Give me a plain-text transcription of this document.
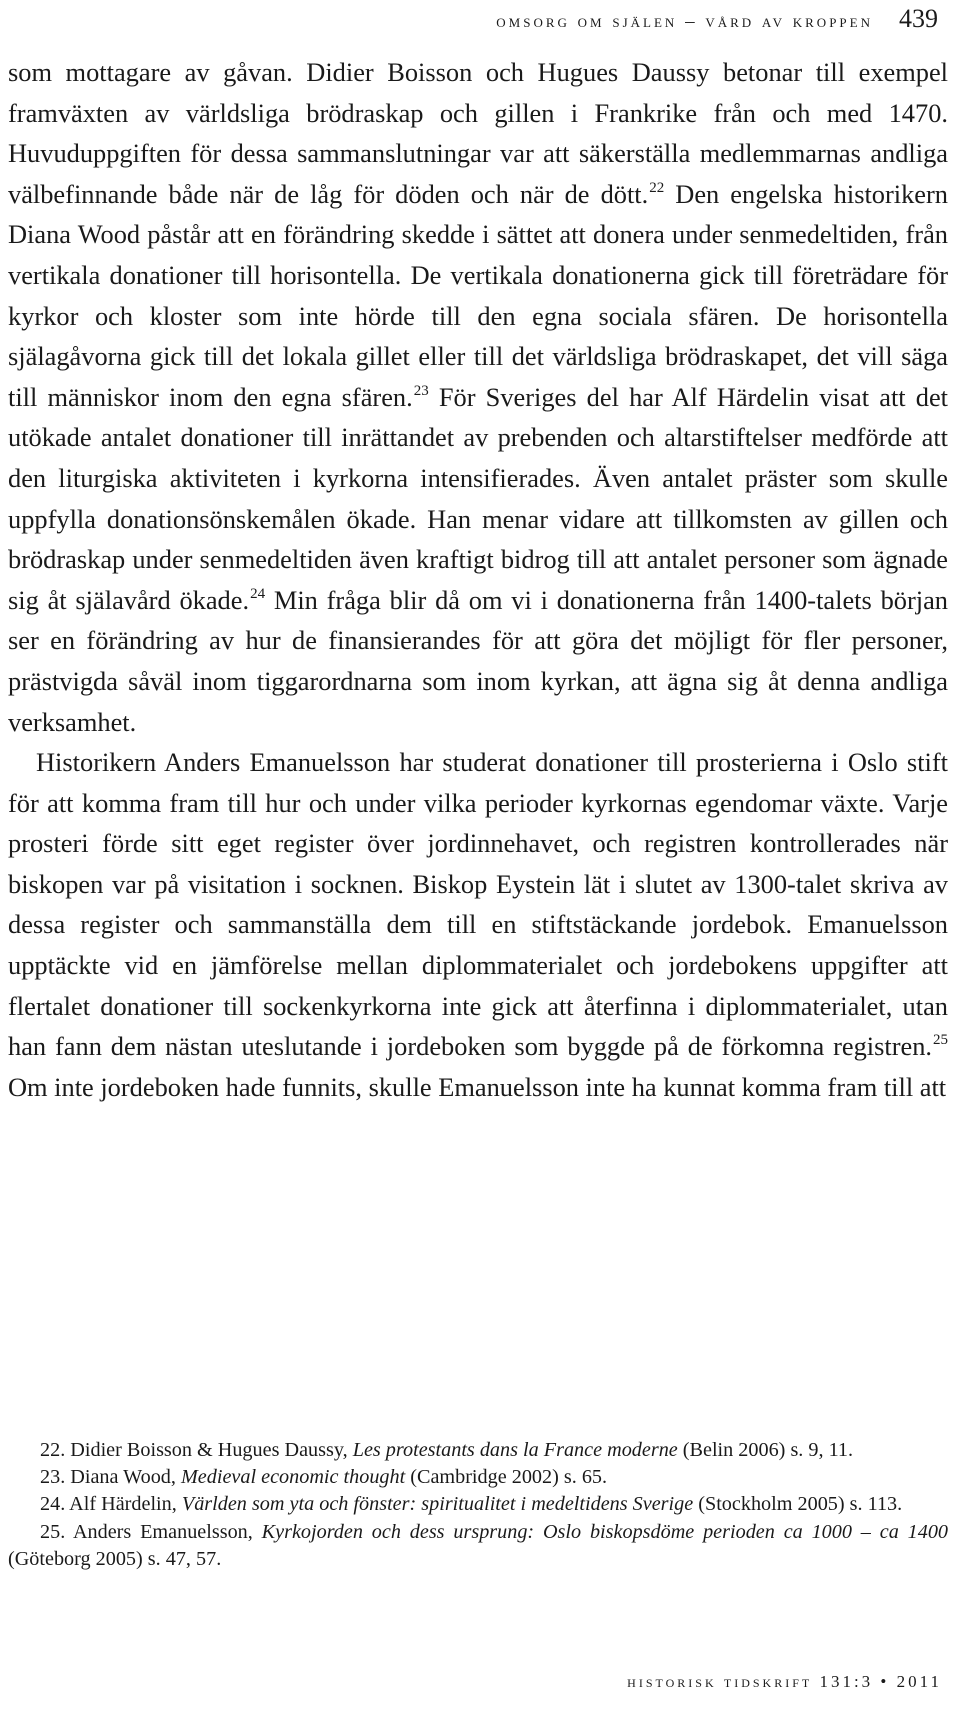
omsorg om själen – vård av kroppen 439

som mottagare av gåvan. Didier Boisson och Hugues Daussy betonar till exempel framväxten av världsliga brödraskap och gillen i Frankrike från och med 1470. Huvuduppgiften för dessa sammanslutningar var att säkerställa medlemmarnas andliga välbefinnande både när de låg för döden och när de dött.$^{22}$ Den engelska historikern Diana Wood påstår att en förändring skedde i sättet att donera under senmedeltiden, från vertikala donationer till horisontella. De vertikala donationerna gick till företrädare för kyrkor och kloster som inte hörde till den egna sociala sfären. De horisontella själagåvorna gick till det lokala gillet eller till det världsliga brödraskapet, det vill säga till människor inom den egna sfären.$^{23}$ För Sveriges del har Alf Härdelin visat att det utökade antalet donationer till inrättandet av prebenden och altarstiftelser medförde att den liturgiska aktiviteten i kyrkorna intensifierades. Även antalet präster som skulle uppfylla donationsönskemålen ökade. Han menar vidare att tillkomsten av gillen och brödraskap under senmedeltiden även kraftigt bidrog till att antalet personer som ägnade sig åt själavård ökade.$^{24}$ Min fråga blir då om vi i donationerna från 1400-talets början ser en förändring av hur de finansierandes för att göra det möjligt för fler personer, prästvigda såväl inom tiggarordnarna som inom kyrkan, att ägna sig åt denna andliga verksamhet.

Historikern Anders Emanuelsson har studerat donationer till prosterierna i Oslo stift för att komma fram till hur och under vilka perioder kyrkornas egendomar växte. Varje prosteri förde sitt eget register över jordinnehavet, och registren kontrollerades när biskopen var på visitation i socknen. Biskop Eystein lät i slutet av 1300-talet skriva av dessa register och sammanställa dem till en stiftstäckande jordebok. Emanuelsson upptäckte vid en jämförelse mellan diplommaterialet och jordebokens uppgifter att flertalet donationer till sockenkyrkorna inte gick att återfinna i diplommaterialet, utan han fann dem nästan uteslutande i jordeboken som byggde på de förkomna registren.$^{25}$ Om inte jordeboken hade funnits, skulle Emanuelsson inte ha kunnat komma fram till att

22. Didier Boisson & Hugues Daussy, Les protestants dans la France moderne (Belin 2006) s. 9, 11.

23. Diana Wood, Medieval economic thought (Cambridge 2002) s. 65.

24. Alf Härdelin, Världen som yta och fönster: spiritualitet i medeltidens Sverige (Stockholm 2005) s. 113.

25. Anders Emanuelsson, Kyrkojorden och dess ursprung: Oslo biskopsdöme perioden ca 1000 – ca 1400 (Göteborg 2005) s. 47, 57.

historisk tidskrift 131:3 • 2011
